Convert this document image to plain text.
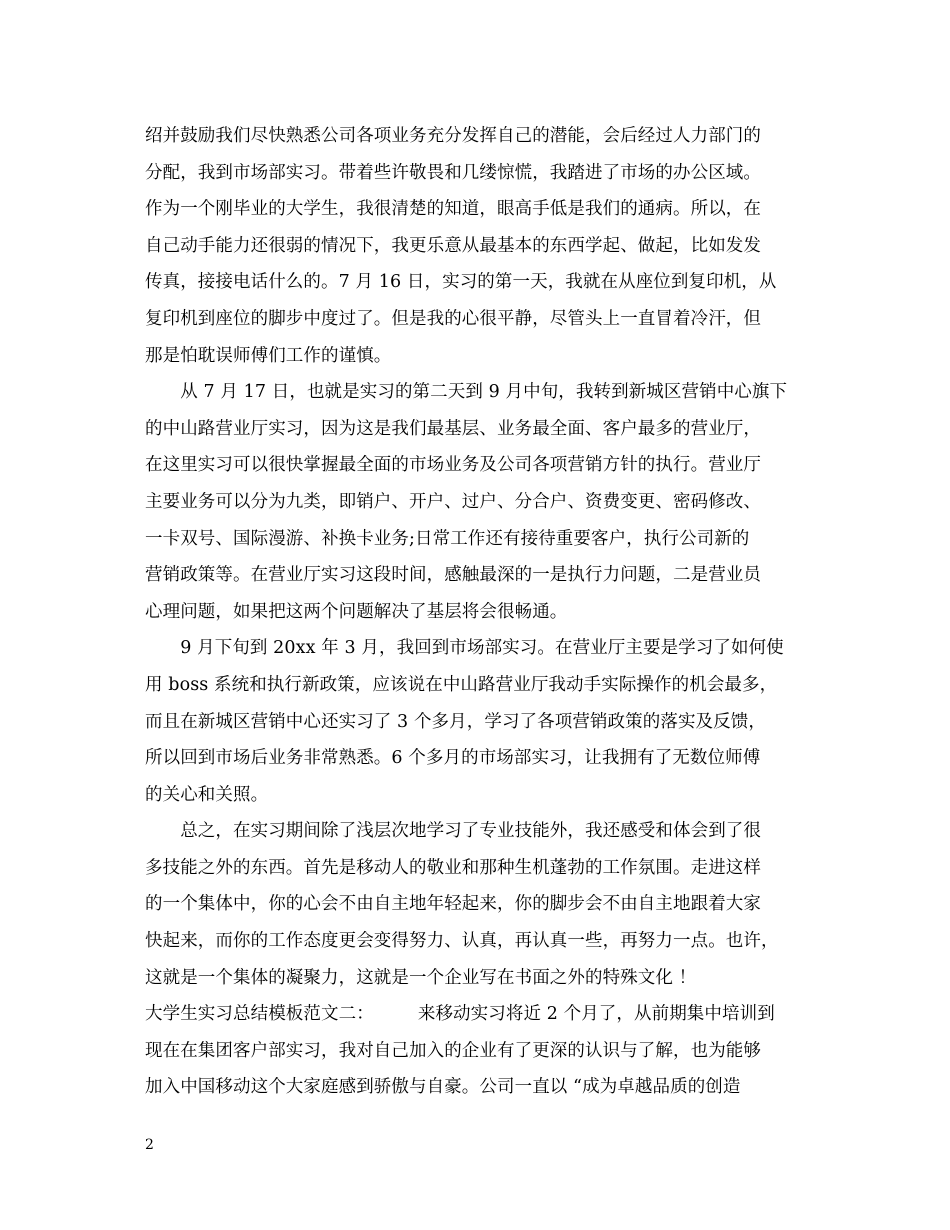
绍并鼓励我们尽快熟悉公司各项业务充分发挥自己的潜能，会后经过人力部门的
分配，我到市场部实习。带着些许敬畏和几缕惊慌，我踏进了市场的办公区域。
作为一个刚毕业的大学生，我很清楚的知道，眼高手低是我们的通病。所以，在
自己动手能力还很弱的情况下，我更乐意从最基本的东西学起、做起，比如发发
传真，接接电话什么的。7 月 16 日，实习的第一天，我就在从座位到复印机，从
复印机到座位的脚步中度过了。但是我的心很平静，尽管头上一直冒着冷汗，但
那是怕耽误师傅们工作的谨慎。
　　从 7 月 17 日，也就是实习的第二天到 9 月中旬，我转到新城区营销中心旗下
的中山路营业厅实习，因为这是我们最基层、业务最全面、客户最多的营业厅，
在这里实习可以很快掌握最全面的市场业务及公司各项营销方针的执行。营业厅
主要业务可以分为九类，即销户、开户、过户、分合户、资费变更、密码修改、
一卡双号、国际漫游、补换卡业务;日常工作还有接待重要客户，执行公司新的
营销政策等。在营业厅实习这段时间，感触最深的一是执行力问题，二是营业员
心理问题，如果把这两个问题解决了基层将会很畅通。
　　9 月下旬到 20xx 年 3 月，我回到市场部实习。在营业厅主要是学习了如何使
用 boss 系统和执行新政策，应该说在中山路营业厅我动手实际操作的机会最多，
而且在新城区营销中心还实习了 3 个多月，学习了各项营销政策的落实及反馈，
所以回到市场后业务非常熟悉。6 个多月的市场部实习，让我拥有了无数位师傅
的关心和关照。
　　总之，在实习期间除了浅层次地学习了专业技能外，我还感受和体会到了很
多技能之外的东西。首先是移动人的敬业和那种生机蓬勃的工作氛围。走进这样
的一个集体中，你的心会不由自主地年轻起来，你的脚步会不由自主地跟着大家
快起来，而你的工作态度更会变得努力、认真，再认真一些，再努力一点。也许，
这就是一个集体的凝聚力，这就是一个企业写在书面之外的特殊文化 ！
大学生实习总结模板范文二：　　　来移动实习将近 2 个月了，从前期集中培训到
现在在集团客户部实习，我对自己加入的企业有了更深的认识与了解，也为能够
加入中国移动这个大家庭感到骄傲与自豪。公司一直以 “成为卓越品质的创造
2
